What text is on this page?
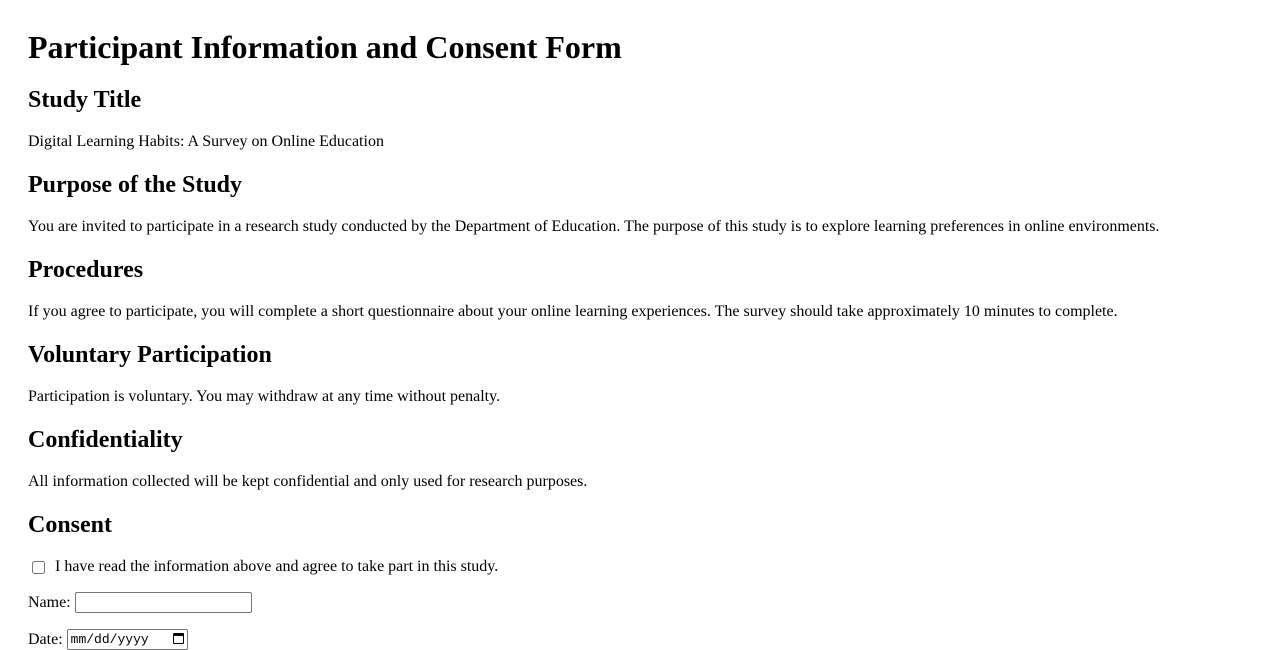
Participant Information and Consent Form
Study Title

Digital Learning Habits: A Survey on Online Education

Purpose of the Study

You are invited to participate in a research study conducted by the Department of Education. The purpose of this study is to explore learning preferences in online environments.

Procedures

If you agree to participate, you will complete a short questionnaire about your online learning experiences. The survey should take approximately 10 minutes to complete.

Voluntary Participation

Participation is voluntary. You may withdraw at any time without penalty.

Confidentiality

All information collected will be kept confidential and only used for research purposes.

Consent
I have read the information above and agree to take part in this study.
Name:
Date: mm/dd/yyyy
